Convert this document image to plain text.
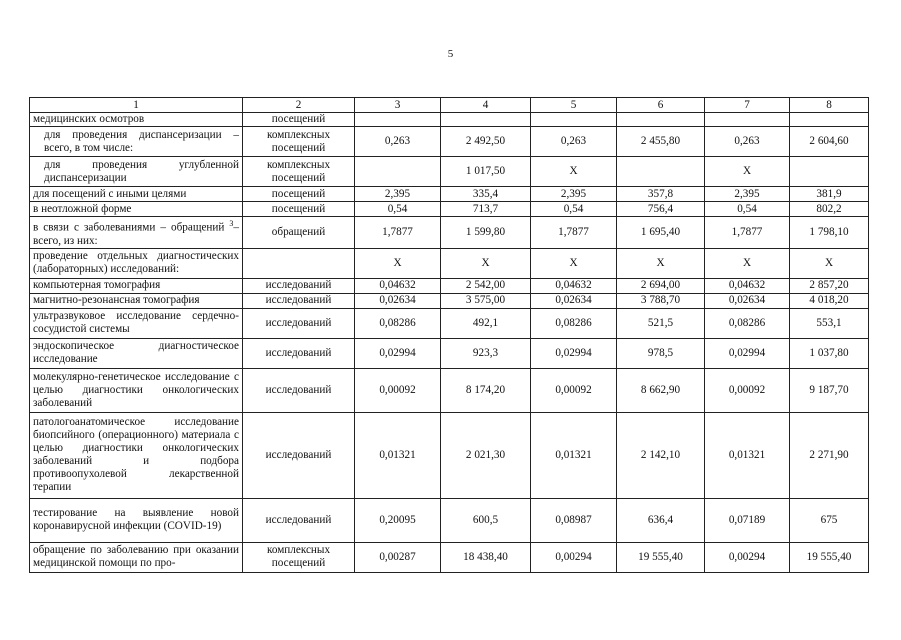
5
1	2	3	4	5	6	7	8
медицинских осмотров	посещений						
для проведения диспансеризации – всего, в том числе:	комплексных посещений	0,263	2 492,50	0,263	2 455,80	0,263	2 604,60
для проведения углубленной диспансеризации	комплексных посещений		1 017,50	Х		Х	
для посещений с иными целями	посещений	2,395	335,4	2,395	357,8	2,395	381,9
в неотложной форме	посещений	0,54	713,7	0,54	756,4	0,54	802,2
в связи с заболеваниями – обращений $^3$– всего, из них:	обращений	1,7877	1 599,80	1,7877	1 695,40	1,7877	1 798,10
проведение отдельных диагностических (лабораторных) исследований:		Х	Х	Х	Х	Х	Х
компьютерная томография	исследований	0,04632	2 542,00	0,04632	2 694,00	0,04632	2 857,20
магнитно-резонансная томография	исследований	0,02634	3 575,00	0,02634	3 788,70	0,02634	4 018,20
ультразвуковое исследование сердечно-сосудистой системы	исследований	0,08286	492,1	0,08286	521,5	0,08286	553,1
эндоскопическое диагностическое исследование	исследований	0,02994	923,3	0,02994	978,5	0,02994	1 037,80
молекулярно-генетическое исследование с целью диагностики онкологических заболеваний	исследований	0,00092	8 174,20	0,00092	8 662,90	0,00092	9 187,70
патологоанатомическое исследование биопсийного (операционного) материала с целью диагностики онкологических заболеваний и подбора противоопухолевой лекарственной терапии	исследований	0,01321	2 021,30	0,01321	2 142,10	0,01321	2 271,90
тестирование на выявление новой коронавирусной инфекции (COVID-19)	исследований	0,20095	600,5	0,08987	636,4	0,07189	675
обращение по заболеванию при оказании медицинской помощи по про-	комплексных посещений	0,00287	18 438,40	0,00294	19 555,40	0,00294	19 555,40
